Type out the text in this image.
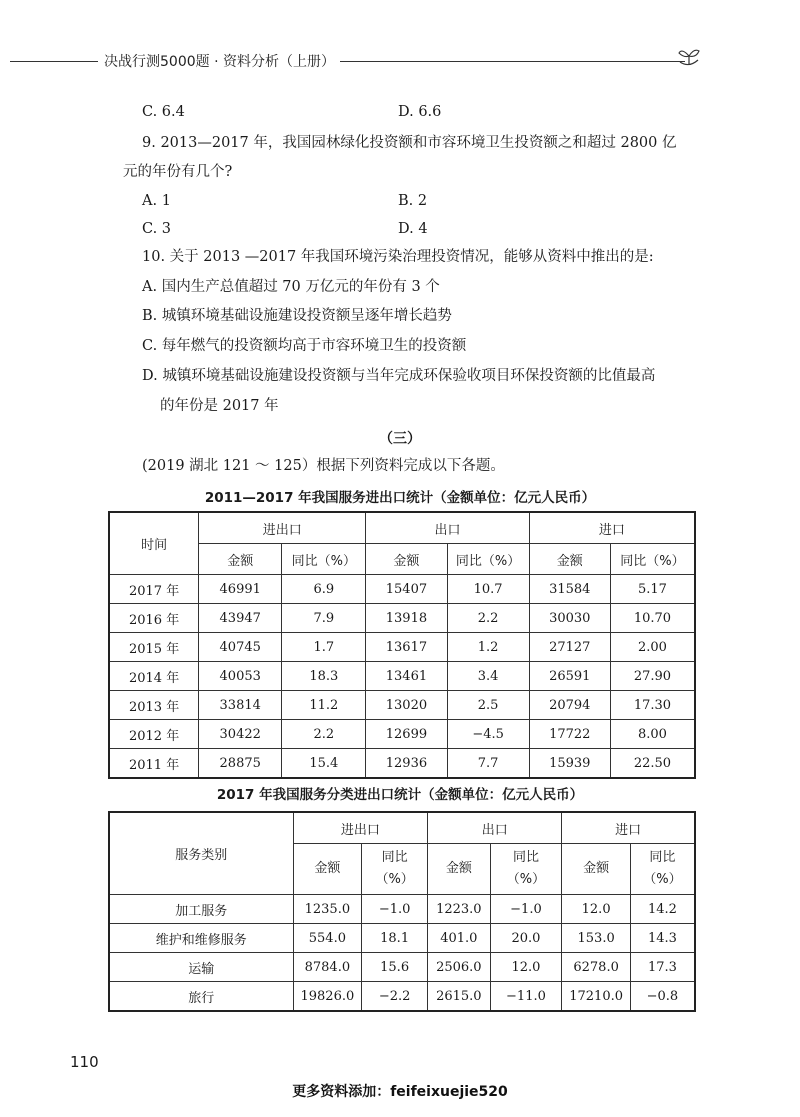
决战行测5000题 · 资料分析（上册）
C. 6.4	D. 6.6
9. 2013—2017 年，我国园林绿化投资额和市容环境卫生投资额之和超过 2800 亿
元的年份有几个?
A. 1	B. 2
C. 3	D. 4
10. 关于 2013 —2017 年我国环境污染治理投资情况，能够从资料中推出的是:
A. 国内生产总值超过 70 万亿元的年份有 3 个
B. 城镇环境基础设施建设投资额呈逐年增长趋势
C. 每年燃气的投资额均高于市容环境卫生的投资额
D. 城镇环境基础设施建设投资额与当年完成环保验收项目环保投资额的比值最高
的年份是 2017 年
（三）
(2019 湖北 121 ～ 125）根据下列资料完成以下各题。
2011—2017 年我国服务进出口统计（金额单位：亿元人民币）
时间	进出口		出口		进口	
	金额	同比（%）	金额	同比（%）	金额	同比（%）
2017 年	46991	6.9	15407	10.7	31584	5.17
2016 年	43947	7.9	13918	2.2	30030	10.70
2015 年	40745	1.7	13617	1.2	27127	2.00
2014 年	40053	18.3	13461	3.4	26591	27.90
2013 年	33814	11.2	13020	2.5	20794	17.30
2012 年	30422	2.2	12699	−4.5	17722	8.00
2011 年	28875	15.4	12936	7.7	15939	22.50
2017 年我国服务分类进出口统计（金额单位：亿元人民币）
服务类别	进出口		出口		进口	
	金额	同比
（%）	金额	同比
（%）	金额	同比
（%）
加工服务	1235.0	−1.0	1223.0	−1.0	12.0	14.2
维护和维修服务	554.0	18.1	401.0	20.0	153.0	14.3
运输	8784.0	15.6	2506.0	12.0	6278.0	17.3
旅行	19826.0	−2.2	2615.0	−11.0	17210.0	−0.8
110
更多资料添加：feifeixuejie520
